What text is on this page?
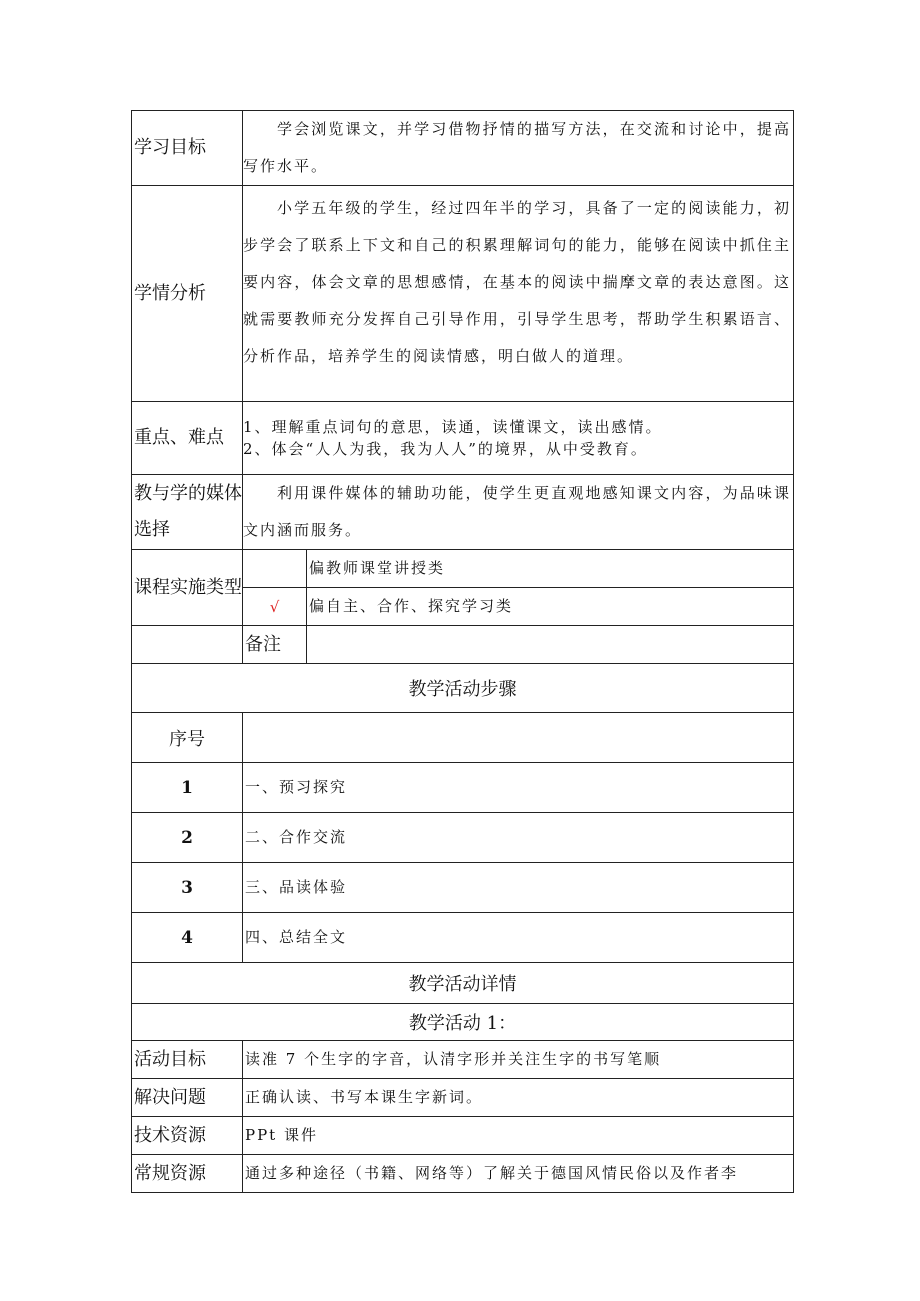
学习目标	学会浏览课文，并学习借物抒情的描写方法，在交流和讨论中，提高写作水平。	
学情分析	小学五年级的学生，经过四年半的学习，具备了一定的阅读能力，初步学会了联系上下文和自己的积累理解词句的能力，能够在阅读中抓住主要内容，体会文章的思想感情，在基本的阅读中揣摩文章的表达意图。这就需要教师充分发挥自己引导作用，引导学生思考，帮助学生积累语言、分析作品，培养学生的阅读情感，明白做人的道理。	
重点、难点	1、理解重点词句的意思，读通，读懂课文，读出感情。
2、体会“人人为我，我为人人”的境界，从中受教育。	

教与学的媒体选择	利用课件媒体的辅助功能，使学生更直观地感知课文内容，为品味课文内涵而服务。	
课程实施类型		偏教师课堂讲授类
	√	偏自主、合作、探究学习类
	备注	
教学活动步骤		
序号		
1	一、预习探究	
2	二、合作交流	
3	三、品读体验	
4	四、总结全文	
教学活动详情		
教学活动 1：		
活动目标	读准 7 个生字的字音，认清字形并关注生字的书写笔顺	
解决问题	正确认读、书写本课生字新词。	
技术资源	PPt 课件	
常规资源	通过多种途径（书籍、网络等）了解关于德国风情民俗以及作者李	
